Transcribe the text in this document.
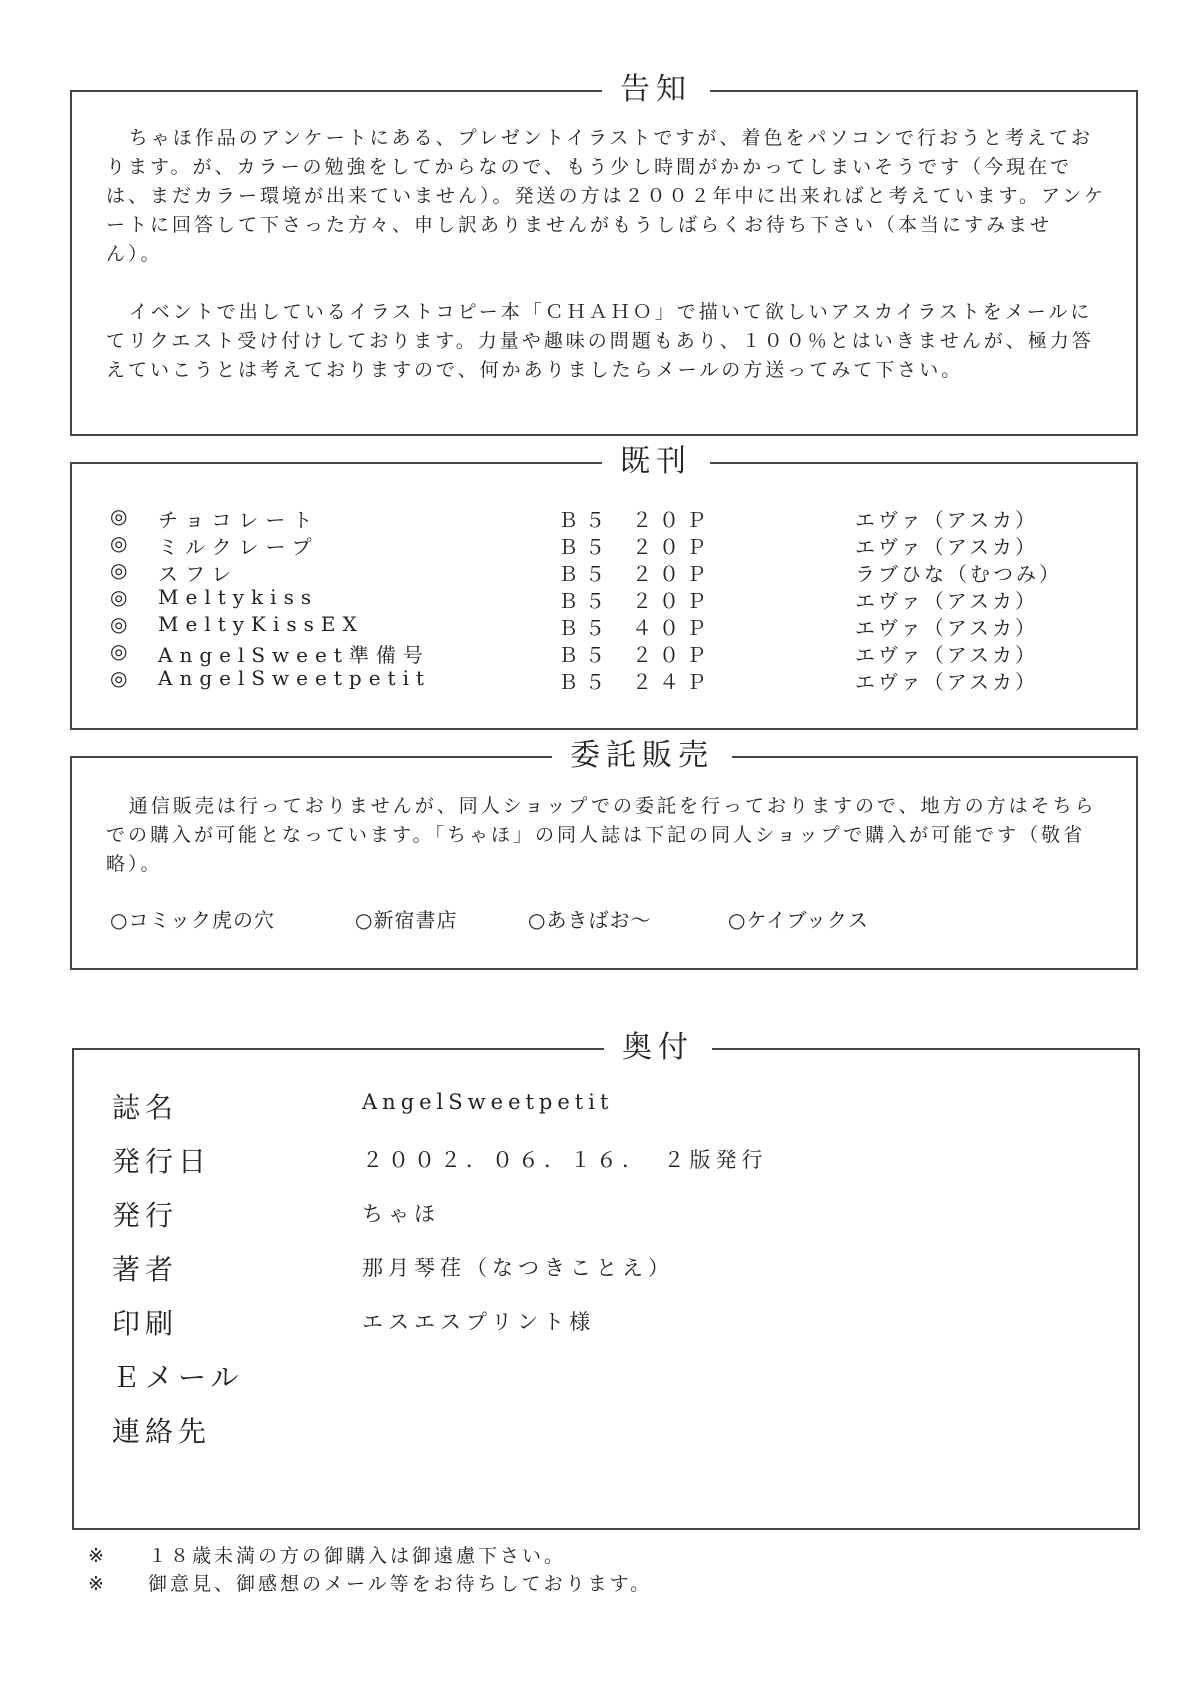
告知

ちゃほ作品のアンケートにある、プレゼントイラストですが、着色をパソコンで行おうと考えております。が、カラーの勉強をしてからなので、もう少し時間がかかってしまいそうです（今現在では、まだカラー環境が出来ていません）。発送の方は２００２年中に出来ればと考えています。アンケートに回答して下さった方々、申し訳ありませんがもうしばらくお待ち下さい（本当にすみません）。

イベントで出しているイラストコピー本「ＣＨＡＨＯ」で描いて欲しいアスカイラストをメールにてリクエスト受け付けしております。力量や趣味の問題もあり、１００％とはいきませんが、極力答えていこうとは考えておりますので、何かありましたらメールの方送ってみて下さい。

既刊
◎ チョコレート	Ｂ５ ２０Ｐ	エヴァ（アスカ）
◎ ミルクレープ	Ｂ５ ２０Ｐ	エヴァ（アスカ）
◎ スフレ	Ｂ５ ２０Ｐ	ラブひな（むつみ）
◎ Meltykiss	Ｂ５ ２０Ｐ	エヴァ（アスカ）
◎ MeltyKissEX	Ｂ５ ４０Ｐ	エヴァ（アスカ）
◎ AngelSweet準備号	Ｂ５ ２０Ｐ	エヴァ（アスカ）
◎ AngelSweetpetit	Ｂ５ ２４Ｐ	エヴァ（アスカ）
委託販売

通信販売は行っておりませんが、同人ショップでの委託を行っておりますので、地方の方はそちらでの購入が可能となっています。「ちゃほ」の同人誌は下記の同人ショップで購入が可能です（敬省略）。

○コミック虎の穴	○新宿書店	○あきばお～	○ケイブックス
奥付
誌名	AngelSweetpetit
発行日	２００２．０６．１６．　２版発行
発行	ちゃほ
著者	那月琴荏（なつきことえ）
印刷	エスエスプリント様
Ｅメール
連絡先
※ １８歳未満の方の御購入は御遠慮下さい。
※ 御意見、御感想のメール等をお待ちしております。
